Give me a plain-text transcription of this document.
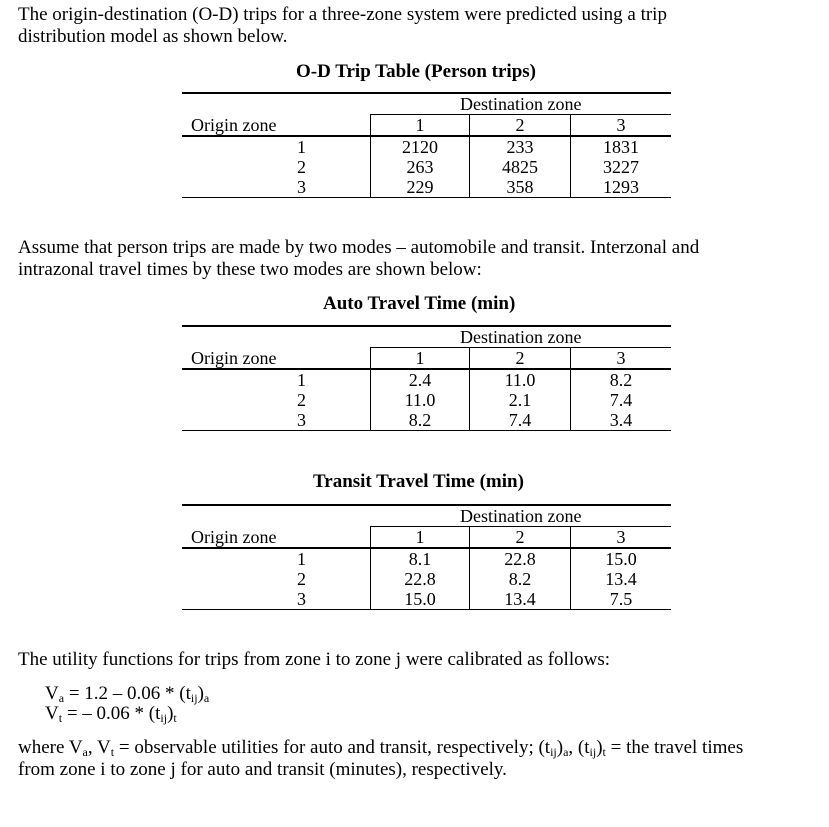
The origin-destination (O-D) trips for a three-zone system were predicted using a trip
distribution model as shown below.
O-D Trip Table (Person trips)
	Destination zone		
Origin zone	1	2	3
1	2120	233	1831
2	263	4825	3227
3	229	358	1293
Assume that person trips are made by two modes – automobile and transit. Interzonal and
intrazonal travel times by these two modes are shown below:
Auto Travel Time (min)
	Destination zone		
Origin zone	1	2	3
1	2.4	11.0	8.2
2	11.0	2.1	7.4
3	8.2	7.4	3.4
Transit Travel Time (min)
	Destination zone		
Origin zone	1	2	3
1	8.1	22.8	15.0
2	22.8	8.2	13.4
3	15.0	13.4	7.5
The utility functions for trips from zone i to zone j were calibrated as follows:
$V_a = 1.2 - 0.06 * (t_{ij})_a$
$V_t$ = – $0.06 * (t_{ij})_t$
where $V_a$, $V_t$ = observable utilities for auto and transit, respectively; $(t_{ij})_a$, $(t_{ij})_t$ = the travel times
from zone i to zone j for auto and transit (minutes), respectively.
